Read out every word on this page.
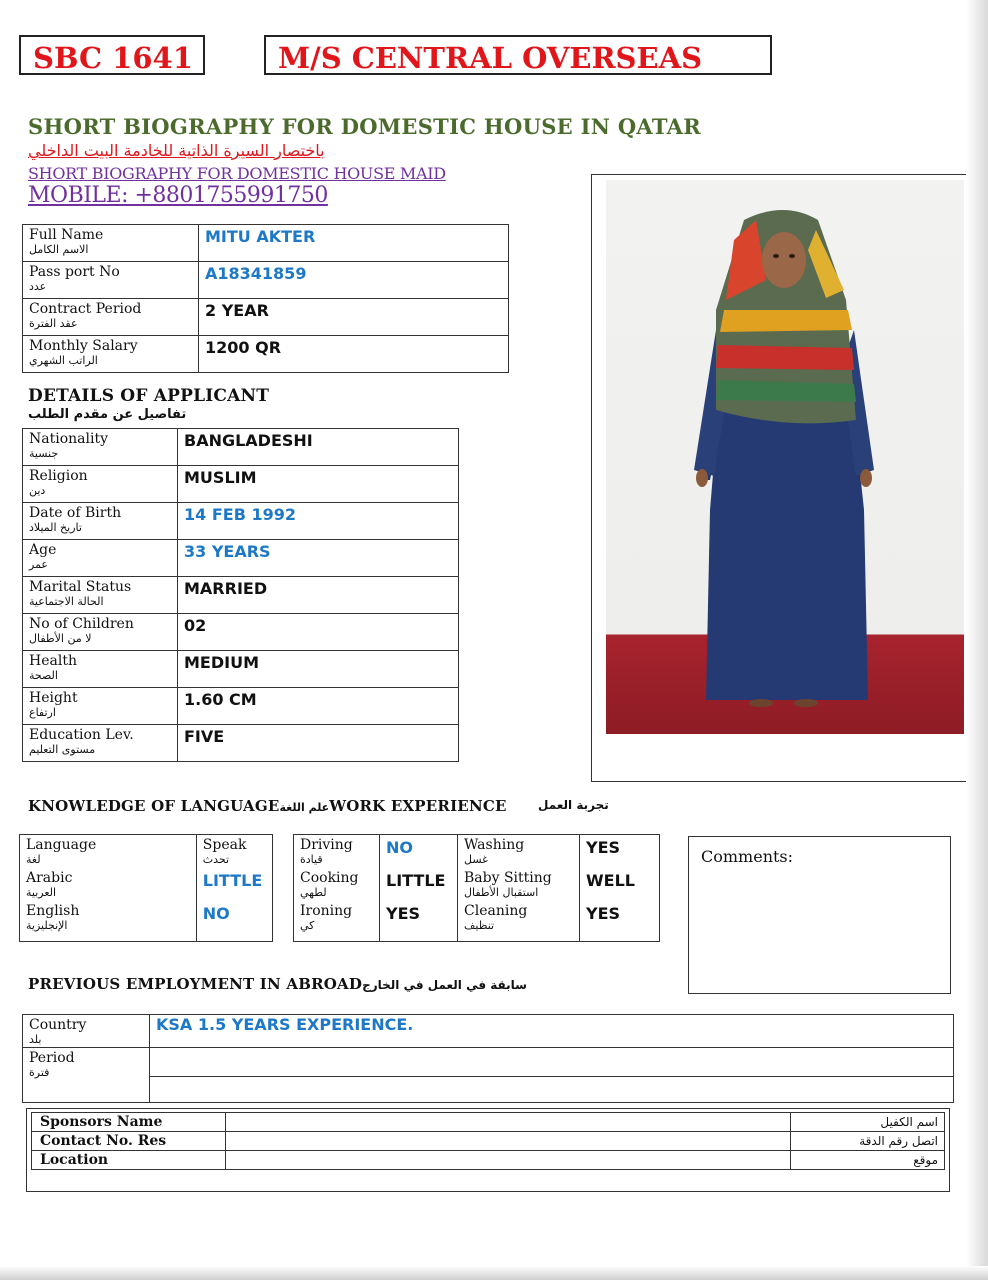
SBC 1641	M/S CENTRAL OVERSEAS
SHORT BIOGRAPHY FOR DOMESTIC HOUSE IN QATAR
باختصار السيرة الذاتية للخادمة البيت الداخلي
SHORT BIOGRAPHY FOR DOMESTIC HOUSE MAID
MOBILE: +8801755991750
Full Name
الاسم الكامل	MITU AKTER

Pass port No
عدد	A18341859

Contract Period
عقد الفترة	2 YEAR

Monthly Salary
الراتب الشهري	1200 QR
DETAILS OF APPLICANT
تفاصيل عن مقدم الطلب
Nationality
جنسية	BANGLADESHI

Religion
دين	MUSLIM

Date of Birth
تاريخ الميلاد	14 FEB 1992

Age
عمر	33 YEARS

Marital Status
الحالة الاجتماعية	MARRIED

No of Children
لا من الأطفال	02

Health
الصحة	MEDIUM

Height
ارتفاع	1.60 CM

Education Lev.
مستوى التعليم	FIVE
KNOWLEDGE OF LANGUAGEعلم اللغةWORK EXPERIENCE	تجربة العمل
Language
لغة	Speak
تحدث

Arabic
العربية	LITTLE

English
الإنجليزية	NO
Driving
قيادة	NO	Washing
غسل	YES
Cooking
لطهي	LITTLE	Baby Sitting
استقبال الأطفال	WELL
Ironing
كي	YES	Cleaning
تنظيف	YES
Comments:
PREVIOUS EMPLOYMENT IN ABROADسابقة في العمل في الخارج
Country
بلد	KSA 1.5 YEARS EXPERIENCE.

Period
فترة	

Sponsors Name		اسم الكفيل

Contact No. Res		اتصل رقم الدقة

Location		موقع
